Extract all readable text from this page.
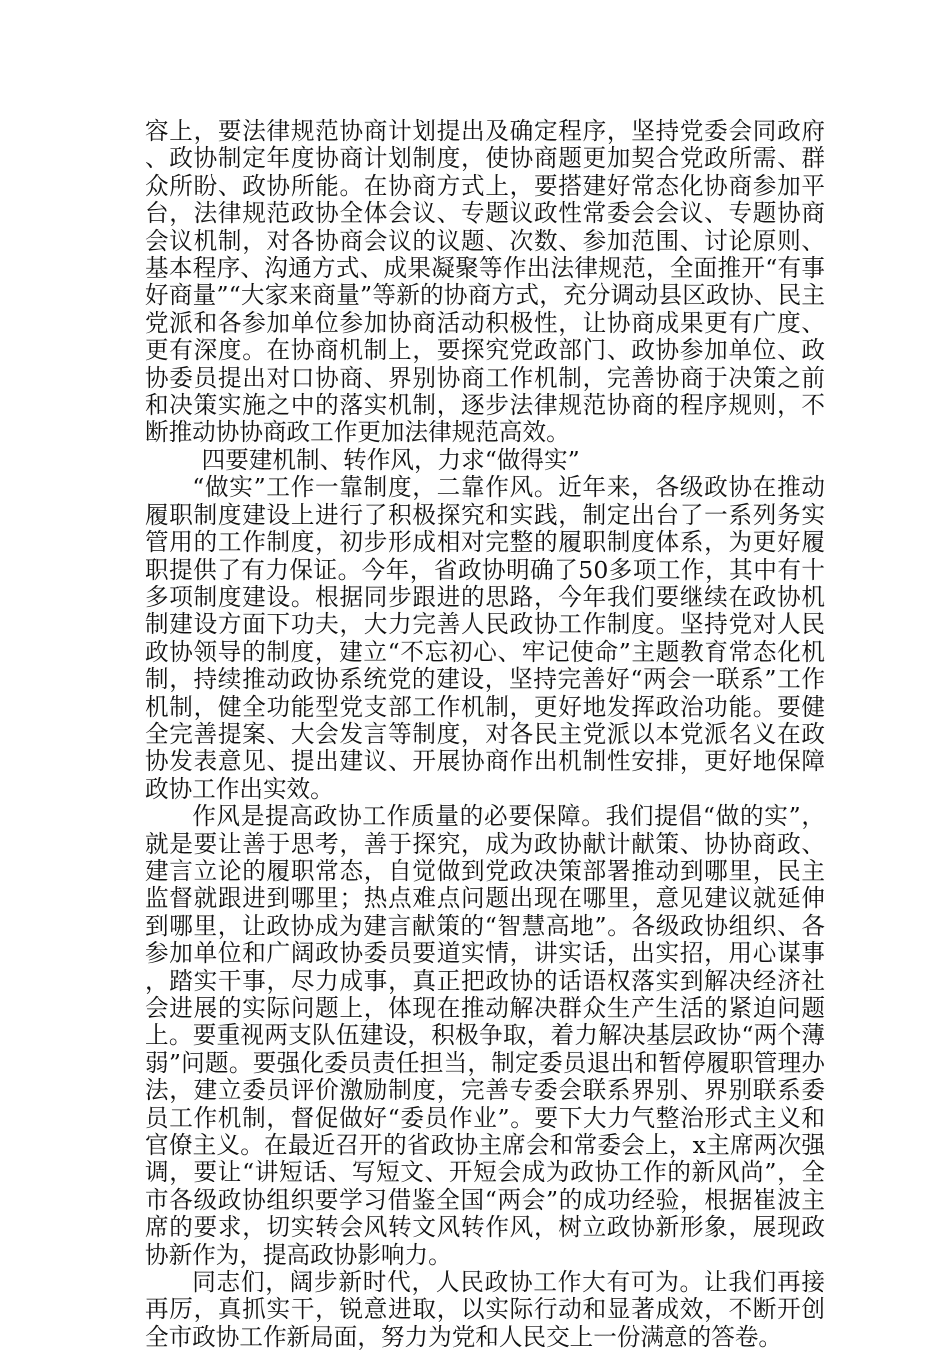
容上，要法律规范协商计划提出及确定程序，坚持党委会同政府、政协制定年度协商计划制度，使协商题更加契合党政所需、群众所盼、政协所能。在协商方式上，要搭建好常态化协商参加平台，法律规范政协全体会议、专题议政性常委会会议、专题协商会议机制，对各协商会议的议题、次数、参加范围、讨论原则、基本程序、沟通方式、成果凝聚等作出法律规范，全面推开“有事好商量”“大家来商量”等新的协商方式，充分调动县区政协、民主党派和各参加单位参加协商活动积极性，让协商成果更有广度、更有深度。在协商机制上，要探究党政部门、政协参加单位、政协委员提出对口协商、界别协商工作机制，完善协商于决策之前和决策实施之中的落实机制，逐步法律规范协商的程序规则，不断推动协协商政工作更加法律规范高效。

四要建机制、转作风，力求“做得实”

“做实”工作一靠制度，二靠作风。近年来，各级政协在推动履职制度建设上进行了积极探究和实践，制定出台了一系列务实管用的工作制度，初步形成相对完整的履职制度体系，为更好履职提供了有力保证。今年，省政协明确了50多项工作，其中有十多项制度建设。根据同步跟进的思路，今年我们要继续在政协机制建设方面下功夫，大力完善人民政协工作制度。坚持党对人民政协领导的制度，建立“不忘初心、牢记使命”主题教育常态化机制，持续推动政协系统党的建设，坚持完善好“两会一联系”工作机制，健全功能型党支部工作机制，更好地发挥政治功能。要健全完善提案、大会发言等制度，对各民主党派以本党派名义在政协发表意见、提出建议、开展协商作出机制性安排，更好地保障政协工作出实效。

作风是提高政协工作质量的必要保障。我们提倡“做的实”，就是要让善于思考，善于探究，成为政协献计献策、协协商政、建言立论的履职常态，自觉做到党政决策部署推动到哪里，民主监督就跟进到哪里；热点难点问题出现在哪里，意见建议就延伸到哪里，让政协成为建言献策的“智慧高地”。各级政协组织、各参加单位和广阔政协委员要道实情，讲实话，出实招，用心谋事，踏实干事，尽力成事，真正把政协的话语权落实到解决经济社会进展的实际问题上，体现在推动解决群众生产生活的紧迫问题上。要重视两支队伍建设，积极争取，着力解决基层政协“两个薄弱”问题。要强化委员责任担当，制定委员退出和暂停履职管理办法，建立委员评价激励制度，完善专委会联系界别、界别联系委员工作机制，督促做好“委员作业”。要下大力气整治形式主义和官僚主义。在最近召开的省政协主席会和常委会上，x主席两次强调，要让“讲短话、写短文、开短会成为政协工作的新风尚”，全市各级政协组织要学习借鉴全国“两会”的成功经验，根据崔波主席的要求，切实转会风转文风转作风，树立政协新形象，展现政协新作为，提高政协影响力。

同志们，阔步新时代，人民政协工作大有可为。让我们再接再厉，真抓实干，锐意进取，以实际行动和显著成效，不断开创全市政协工作新局面，努力为党和人民交上一份满意的答卷。
